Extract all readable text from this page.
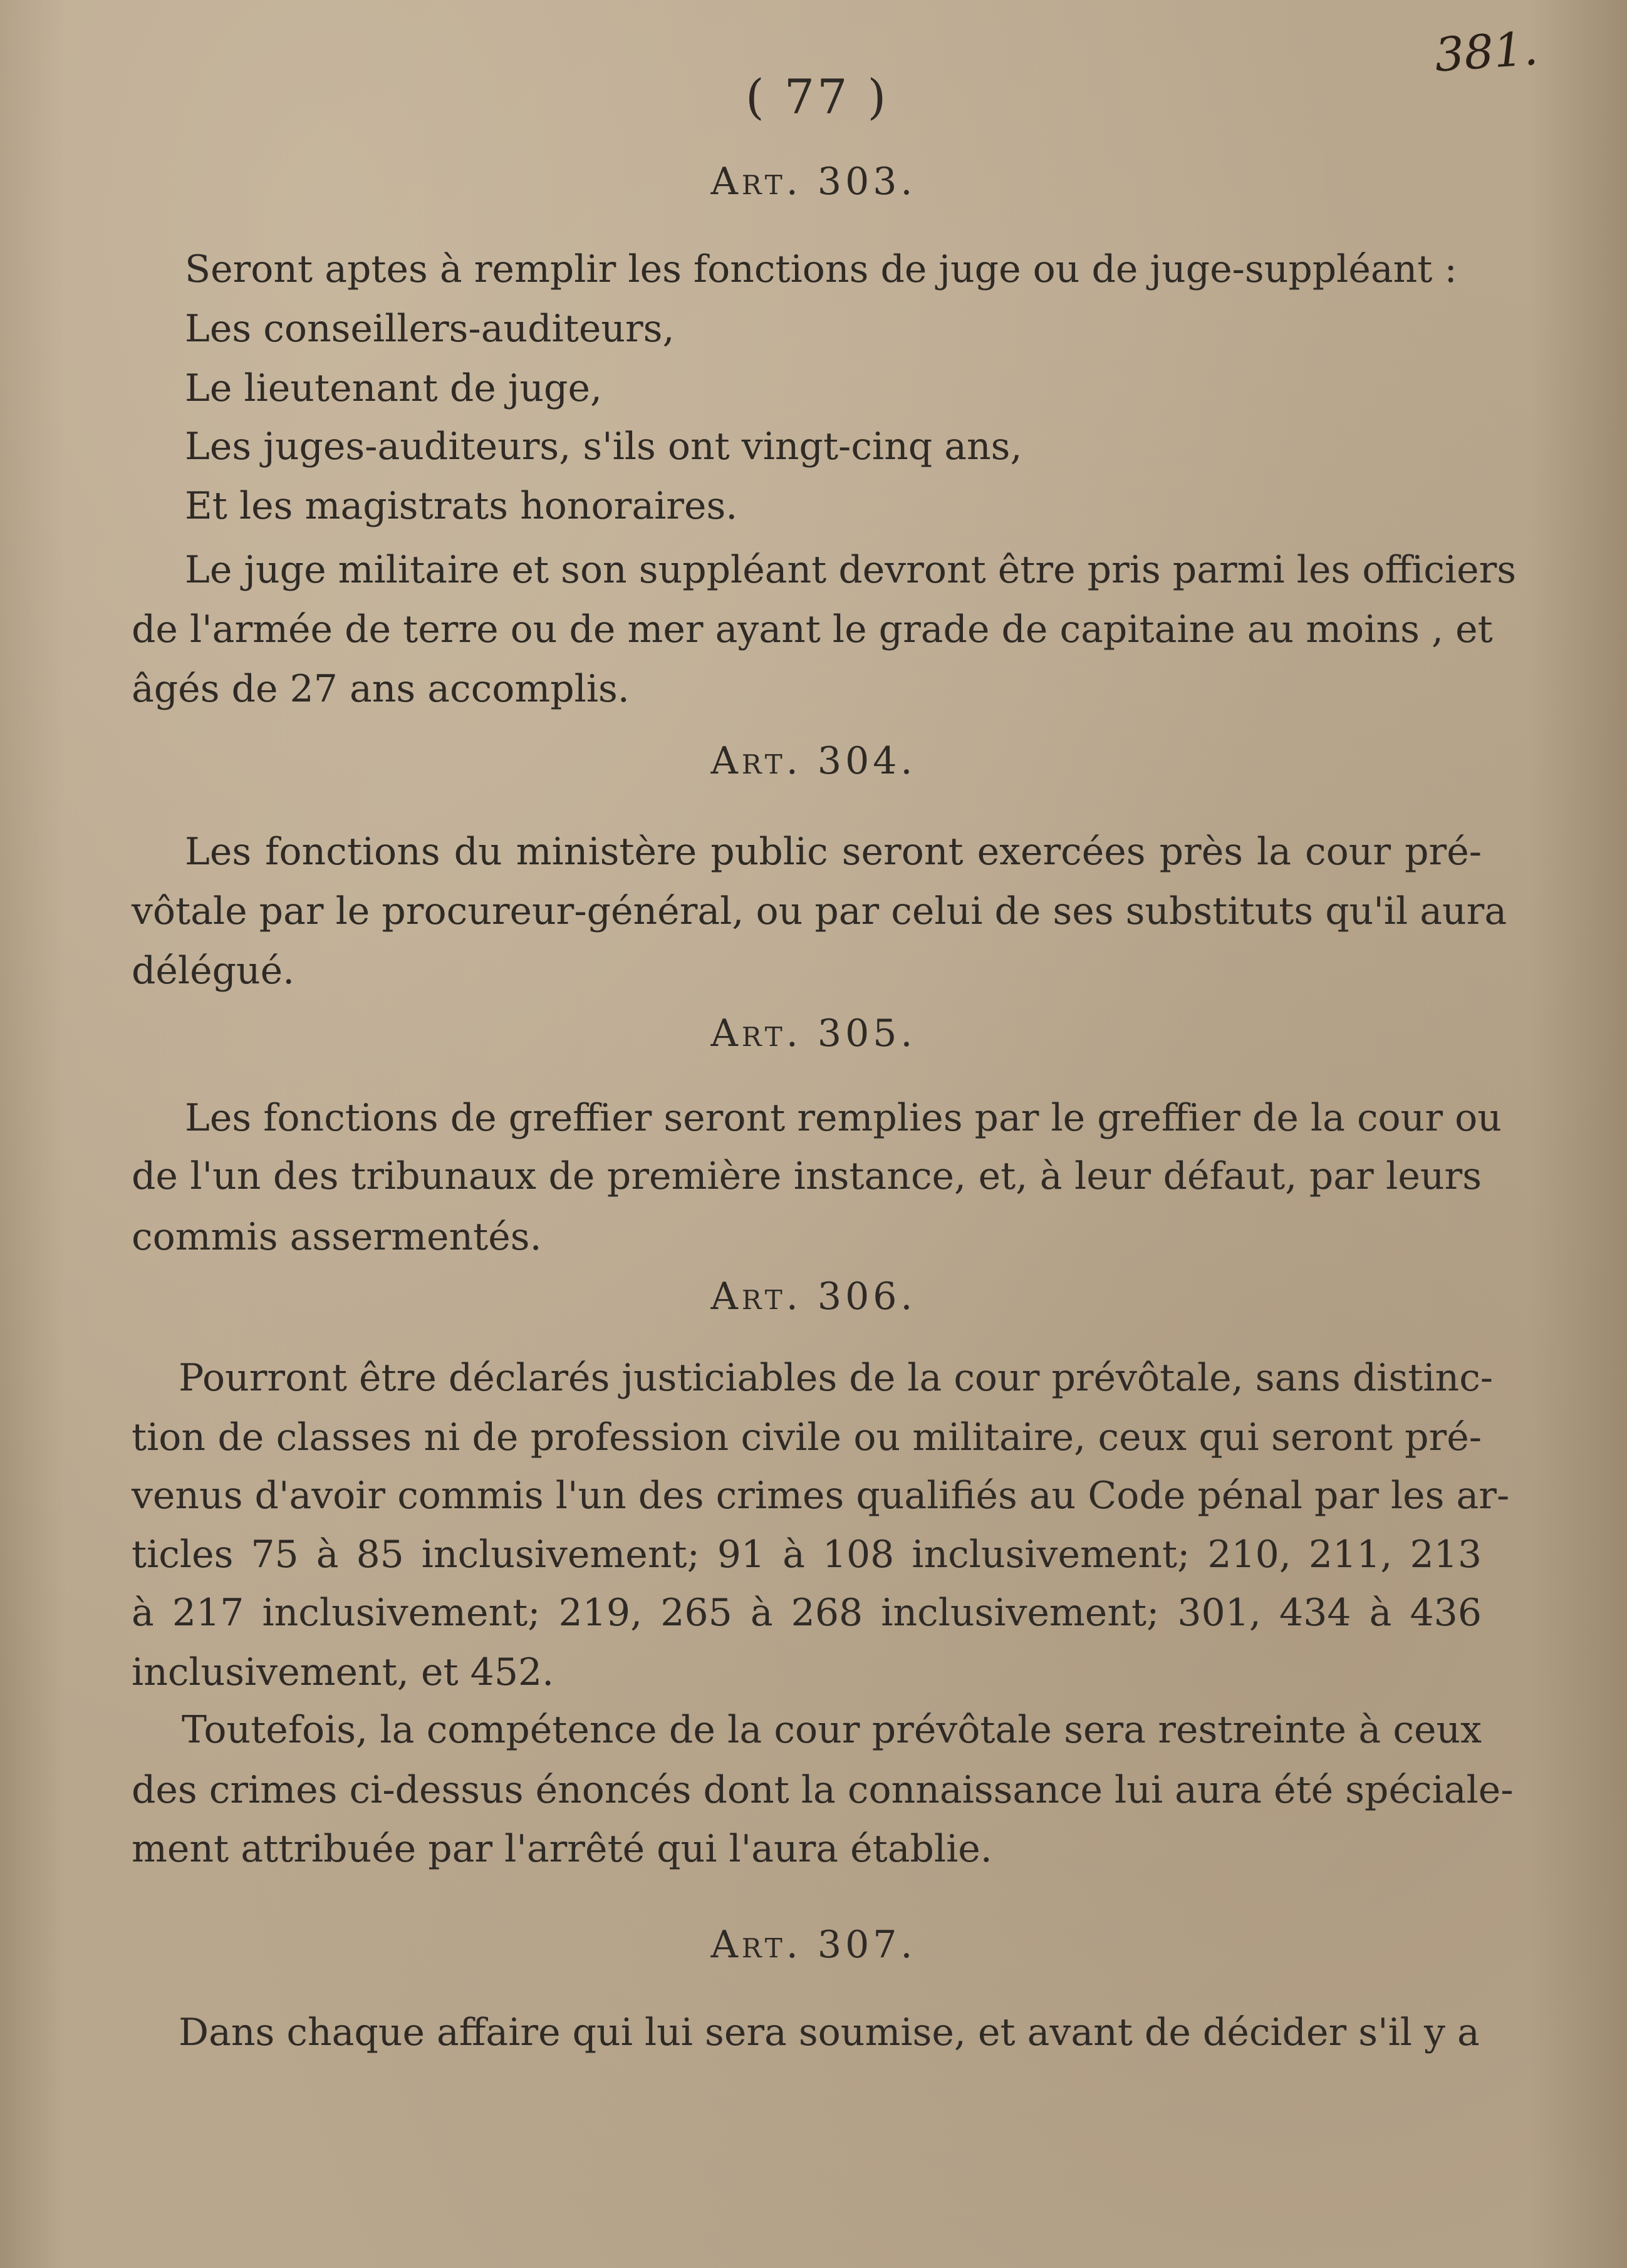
( 77 )
381.
Art. 303.
Seront aptes à remplir les fonctions de juge ou de juge-suppléant :
Les conseillers-auditeurs,
Le lieutenant de juge,
Les juges-auditeurs, s'ils ont vingt-cinq ans,
Et les magistrats honoraires.
Le juge militaire et son suppléant devront être pris parmi les officiers
de l'armée de terre ou de mer ayant le grade de capitaine au moins , et
âgés de 27 ans accomplis.
Art. 304.
Les fonctions du ministère public seront exercées près la cour pré-
vôtale par le procureur-général, ou par celui de ses substituts qu'il aura
délégué.
Art. 305.
Les fonctions de greffier seront remplies par le greffier de la cour ou
de l'un des tribunaux de première instance, et, à leur défaut, par leurs
commis assermentés.
Art. 306.
Pourront être déclarés justiciables de la cour prévôtale, sans distinc-
tion de classes ni de profession civile ou militaire, ceux qui seront pré-
venus d'avoir commis l'un des crimes qualifiés au Code pénal par les ar-
ticles 75 à 85 inclusivement; 91 à 108 inclusivement; 210, 211, 213
à 217 inclusivement; 219, 265 à 268 inclusivement; 301, 434 à 436
inclusivement, et 452.
Toutefois, la compétence de la cour prévôtale sera restreinte à ceux
des crimes ci-dessus énoncés dont la connaissance lui aura été spéciale-
ment attribuée par l'arrêté qui l'aura établie.
Art. 307.
Dans chaque affaire qui lui sera soumise, et avant de décider s'il y a
